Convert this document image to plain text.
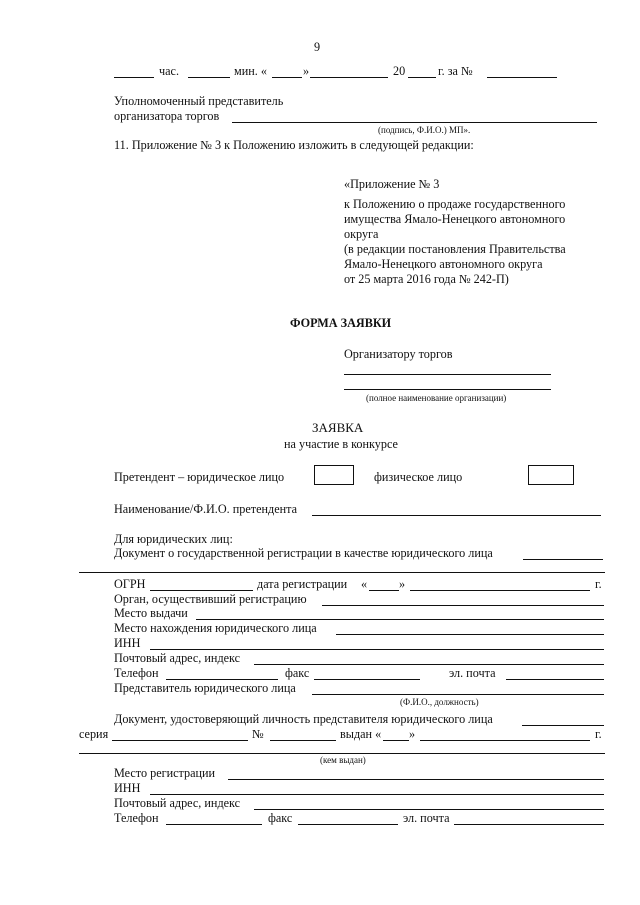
9
час.	мин. «	»	20	г. за №
Уполномоченный представитель
организатора торгов
(подпись, Ф.И.О.) МП».
11. Приложение № 3 к Положению изложить в следующей редакции:
«Приложение № 3
к Положению о продаже государственного
имущества Ямало-Ненецкого автономного
округа
(в редакции постановления Правительства
Ямало-Ненецкого автономного округа
от 25 марта 2016 года № 242-П)
ФОРМА ЗАЯВКИ
Организатору торгов
(полное наименование организации)
ЗАЯВКА
на участие в конкурсе
Претендент – юридическое лицо	физическое лицо
Наименование/Ф.И.О. претендента
Для юридических лиц:
Документ о государственной регистрации в качестве юридического лица
ОГРН	дата регистрации «	»	г.
Орган, осуществивший регистрацию
Место выдачи
Место нахождения юридического лица
ИНН
Почтовый адрес, индекс
Телефон	факс	эл. почта
Представитель юридического лица
(Ф.И.О., должность)
Документ, удостоверяющий личность представителя юридического лица
серия	№	выдан « »	г.
(кем выдан)
Место регистрации
ИНН
Почтовый адрес, индекс
Телефон	факс	эл. почта
